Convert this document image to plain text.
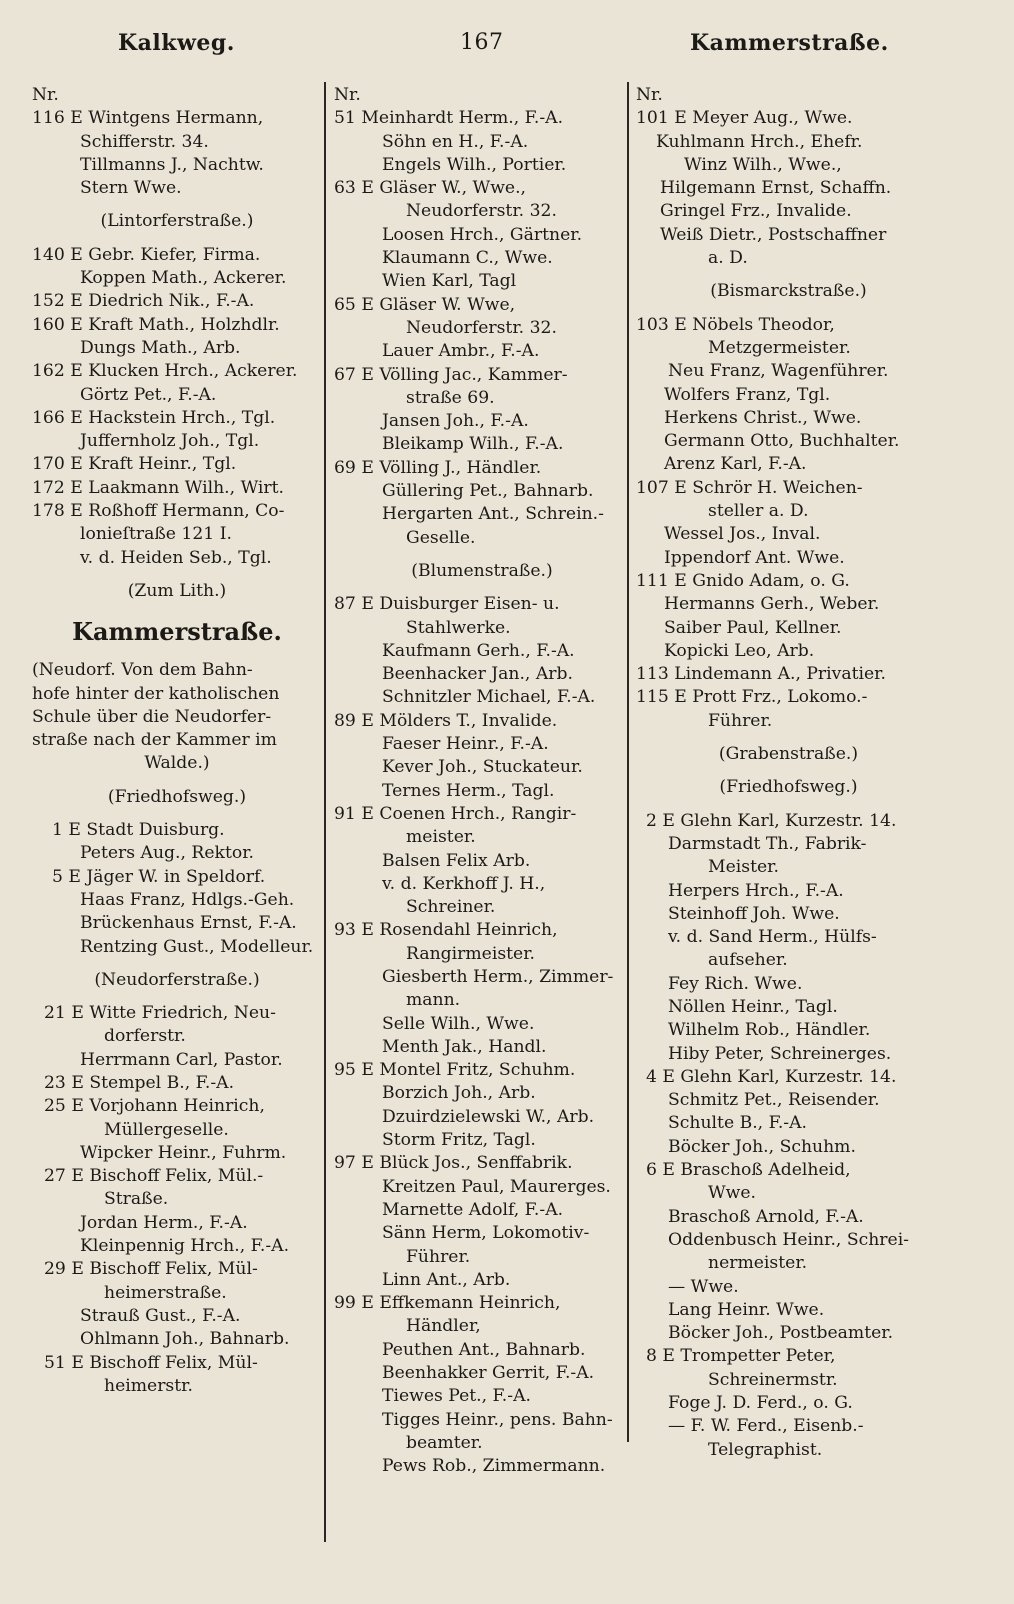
Kalkweg.	167	Kammerstraße.
Nr.
116 E Wintgens Hermann,
Schifferstr. 34.
Tillmanns J., Nachtw.
Stern Wwe.
(Lintorferstraße.)
140 E Gebr. Kiefer, Firma.
Koppen Math., Ackerer.
152 E Diedrich Nik., F.-A.
160 E Kraft Math., Holzhdlr.
Dungs Math., Arb.
162 E Klucken Hrch., Ackerer.
Görtz Pet., F.-A.
166 E Hackstein Hrch., Tgl.
Juffernholz Joh., Tgl.
170 E Kraft Heinr., Tgl.
172 E Laakmann Wilh., Wirt.
178 E Roßhoff Hermann, Co-
lonieſtraße 121 I.
v. d. Heiden Seb., Tgl.
(Zum Lith.)
Kammerstraße.
(Neudorf. Von dem Bahn-
hofe hinter der katholischen
Schule über die Neudorfer-
straße nach der Kammer im
Walde.)
(Friedhofsweg.)
1 E Stadt Duisburg.
Peters Aug., Rektor.
5 E Jäger W. in Speldorf.
Haas Franz, Hdlgs.-Geh.
Brückenhaus Ernst, F.-A.
Rentzing Gust., Modelleur.
(Neudorferstraße.)
21 E Witte Friedrich, Neu-
dorferstr.
Herrmann Carl, Pastor.
23 E Stempel B., F.-A.
25 E Vorjohann Heinrich,
Müllergeselle.
Wipcker Heinr., Fuhrm.
27 E Bischoff Felix, Mül.-
Straße.
Jordan Herm., F.-A.
Kleinpennig Hrch., F.-A.
29 E Bischoff Felix, Mül-
heimerstraße.
Strauß Gust., F.-A.
Ohlmann Joh., Bahnarb.
51 E Bischoff Felix, Mül-
heimerstr.
Nr.
51 Meinhardt Herm., F.-A.
Söhn en H., F.-A.
Engels Wilh., Portier.
63 E Gläser W., Wwe.,
Neudorferstr. 32.
Loosen Hrch., Gärtner.
Klaumann C., Wwe.
Wien Karl, Tagl
65 E Gläser W. Wwe,
Neudorferstr. 32.
Lauer Ambr., F.-A.
67 E Völling Jac., Kammer-
straße 69.
Jansen Joh., F.-A.
Bleikamp Wilh., F.-A.
69 E Völling J., Händler.
Güllering Pet., Bahnarb.
Hergarten Ant., Schrein.-
Geselle.
(Blumenstraße.)
87 E Duisburger Eisen- u.
Stahlwerke.
Kaufmann Gerh., F.-A.
Beenhacker Jan., Arb.
Schnitzler Michael, F.-A.
89 E Mölders T., Invalide.
Faeser Heinr., F.-A.
Kever Joh., Stuckateur.
Ternes Herm., Tagl.
91 E Coenen Hrch., Rangir-
meister.
Balsen Felix Arb.
v. d. Kerkhoff J. H.,
Schreiner.
93 E Rosendahl Heinrich,
Rangirmeister.
Giesberth Herm., Zimmer-
mann.
Selle Wilh., Wwe.
Menth Jak., Handl.
95 E Montel Fritz, Schuhm.
Borzich Joh., Arb.
Dzuirdzielewski W., Arb.
Storm Fritz, Tagl.
97 E Blück Jos., Senffabrik.
Kreitzen Paul, Maurerges.
Marnette Adolf, F.-A.
Sänn Herm, Lokomotiv-
Führer.
Linn Ant., Arb.
99 E Effkemann Heinrich,
Händler,
Peuthen Ant., Bahnarb.
Beenhakker Gerrit, F.-A.
Tiewes Pet., F.-A.
Tigges Heinr., pens. Bahn-
beamter.
Pews Rob., Zimmermann.
Nr.
101 E Meyer Aug., Wwe.
Kuhlmann Hrch., Ehefr.
Winz Wilh., Wwe.,
Hilgemann Ernst, Schaffn.
Gringel Frz., Invalide.
Weiß Dietr., Postschaffner
a. D.
(Bismarckstraße.)
103 E Nöbels Theodor,
Metzgermeister.
Neu Franz, Wagenführer.
Wolfers Franz, Tgl.
Herkens Christ., Wwe.
Germann Otto, Buchhalter.
Arenz Karl, F.-A.
107 E Schrör H. Weichen-
steller a. D.
Wessel Jos., Inval.
Ippendorf Ant. Wwe.
111 E Gnido Adam, o. G.
Hermanns Gerh., Weber.
Saiber Paul, Kellner.
Kopicki Leo, Arb.
113 Lindemann A., Privatier.
115 E Prott Frz., Lokomo.-
Führer.
(Grabenstraße.)
(Friedhofsweg.)
2 E Glehn Karl, Kurzestr. 14.
Darmstadt Th., Fabrik-
Meister.
Herpers Hrch., F.-A.
Steinhoff Joh. Wwe.
v. d. Sand Herm., Hülfs-
aufseher.
Fey Rich. Wwe.
Nöllen Heinr., Tagl.
Wilhelm Rob., Händler.
Hiby Peter, Schreinerges.
4 E Glehn Karl, Kurzestr. 14.
Schmitz Pet., Reisender.
Schulte B., F.-A.
Böcker Joh., Schuhm.
6 E Braschoß Adelheid,
Wwe.
Braschoß Arnold, F.-A.
Oddenbusch Heinr., Schrei-
nermeister.
— Wwe.
Lang Heinr. Wwe.
Böcker Joh., Postbeamter.
8 E Trompetter Peter,
Schreinermstr.
Foge J. D. Ferd., o. G.
— F. W. Ferd., Eisenb.-
Telegraphist.
